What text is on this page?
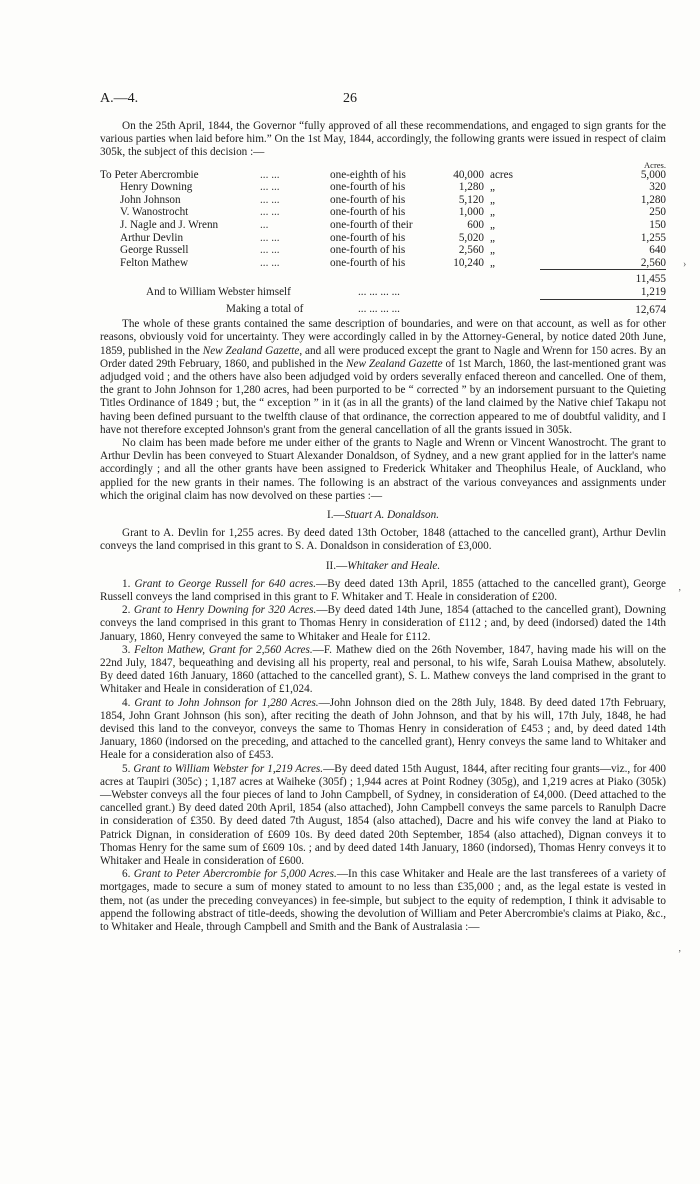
A.—4.	26
›
’
’

On the 25th April, 1844, the Governor “fully approved of all these recommendations, and engaged to sign grants for the various parties when laid before him.” On the 1st May, 1844, accordingly, the following grants were issued in respect of claim 305k, the subject of this decision :—

Acres.					
To Peter Abercrombie	... ...	one-eighth of his	40,000	acres	5,000
Henry Downing	... ...	one-fourth of his	1,280	„	320
John Johnson	... ...	one-fourth of his	5,120	„	1,280
V. Wanostrocht	... ...	one-fourth of his	1,000	„	250
J. Nagle and J. Wrenn	...	one-fourth of their	600	„	150
Arthur Devlin	... ...	one-fourth of his	5,020	„	1,255
George Russell	... ...	one-fourth of his	2,560	„	640
Felton Mathew	... ...	one-fourth of his	10,240	„	2,560
					11,455
And to William Webster himself		... ... ... ...			1,219
Making a total of		... ... ... ...			12,674

The whole of these grants contained the same description of boundaries, and were on that account, as well as for other reasons, obviously void for uncertainty. They were accordingly called in by the Attorney-General, by notice dated 20th June, 1859, published in the New Zealand Gazette, and all were produced except the grant to Nagle and Wrenn for 150 acres. By an Order dated 29th February, 1860, and published in the New Zealand Gazette of 1st March, 1860, the last-mentioned grant was adjudged void ; and the others have also been adjudged void by orders severally enfaced thereon and cancelled. One of them, the grant to John Johnson for 1,280 acres, had been purported to be “ corrected ” by an indorsement pursuant to the Quieting Titles Ordinance of 1849 ; but, the “ exception ” in it (as in all the grants) of the land claimed by the Native chief Takapu not having been defined pursuant to the twelfth clause of that ordinance, the correction appeared to me of doubtful validity, and I have not therefore excepted Johnson's grant from the general cancellation of all the grants issued in 305k.

No claim has been made before me under either of the grants to Nagle and Wrenn or Vincent Wanostrocht. The grant to Arthur Devlin has been conveyed to Stuart Alexander Donaldson, of Sydney, and a new grant applied for in the latter's name accordingly ; and all the other grants have been assigned to Frederick Whitaker and Theophilus Heale, of Auckland, who applied for the new grants in their names. The following is an abstract of the various conveyances and assignments under which the original claim has now devolved on these parties :—

I.—Stuart A. Donaldson.

Grant to A. Devlin for 1,255 acres. By deed dated 13th October, 1848 (attached to the cancelled grant), Arthur Devlin conveys the land comprised in this grant to S. A. Donaldson in consideration of £3,000.

II.—Whitaker and Heale.

1. Grant to George Russell for 640 acres.—By deed dated 13th April, 1855 (attached to the cancelled grant), George Russell conveys the land comprised in this grant to F. Whitaker and T. Heale in consideration of £200.

2. Grant to Henry Downing for 320 Acres.—By deed dated 14th June, 1854 (attached to the cancelled grant), Downing conveys the land comprised in this grant to Thomas Henry in consideration of £112 ; and, by deed (indorsed) dated the 14th January, 1860, Henry conveyed the same to Whitaker and Heale for £112.

3. Felton Mathew, Grant for 2,560 Acres.—F. Mathew died on the 26th November, 1847, having made his will on the 22nd July, 1847, bequeathing and devising all his property, real and personal, to his wife, Sarah Louisa Mathew, absolutely. By deed dated 16th January, 1860 (attached to the cancelled grant), S. L. Mathew conveys the land comprised in the grant to Whitaker and Heale in consideration of £1,024.

4. Grant to John Johnson for 1,280 Acres.—John Johnson died on the 28th July, 1848. By deed dated 17th February, 1854, John Grant Johnson (his son), after reciting the death of John Johnson, and that by his will, 17th July, 1848, he had devised this land to the conveyor, conveys the same to Thomas Henry in consideration of £453 ; and, by deed dated 14th January, 1860 (indorsed on the preceding, and attached to the cancelled grant), Henry conveys the same land to Whitaker and Heale for a consideration also of £453.

5. Grant to William Webster for 1,219 Acres.—By deed dated 15th August, 1844, after reciting four grants—viz., for 400 acres at Taupiri (305c) ; 1,187 acres at Waiheke (305f) ; 1,944 acres at Point Rodney (305g), and 1,219 acres at Piako (305k)—Webster conveys all the four pieces of land to John Campbell, of Sydney, in consideration of £4,000. (Deed attached to the cancelled grant.) By deed dated 20th April, 1854 (also attached), John Campbell conveys the same parcels to Ranulph Dacre in consideration of £350. By deed dated 7th August, 1854 (also attached), Dacre and his wife convey the land at Piako to Patrick Dignan, in consideration of £609 10s. By deed dated 20th September, 1854 (also attached), Dignan conveys it to Thomas Henry for the same sum of £609 10s. ; and by deed dated 14th January, 1860 (indorsed), Thomas Henry conveys it to Whitaker and Heale in consideration of £600.

6. Grant to Peter Abercrombie for 5,000 Acres.—In this case Whitaker and Heale are the last transferees of a variety of mortgages, made to secure a sum of money stated to amount to no less than £35,000 ; and, as the legal estate is vested in them, not (as under the preceding conveyances) in fee-simple, but subject to the equity of redemption, I think it advisable to append the following abstract of title-deeds, showing the devolution of William and Peter Abercrombie's claims at Piako, &c., to Whitaker and Heale, through Campbell and Smith and the Bank of Australasia :—
